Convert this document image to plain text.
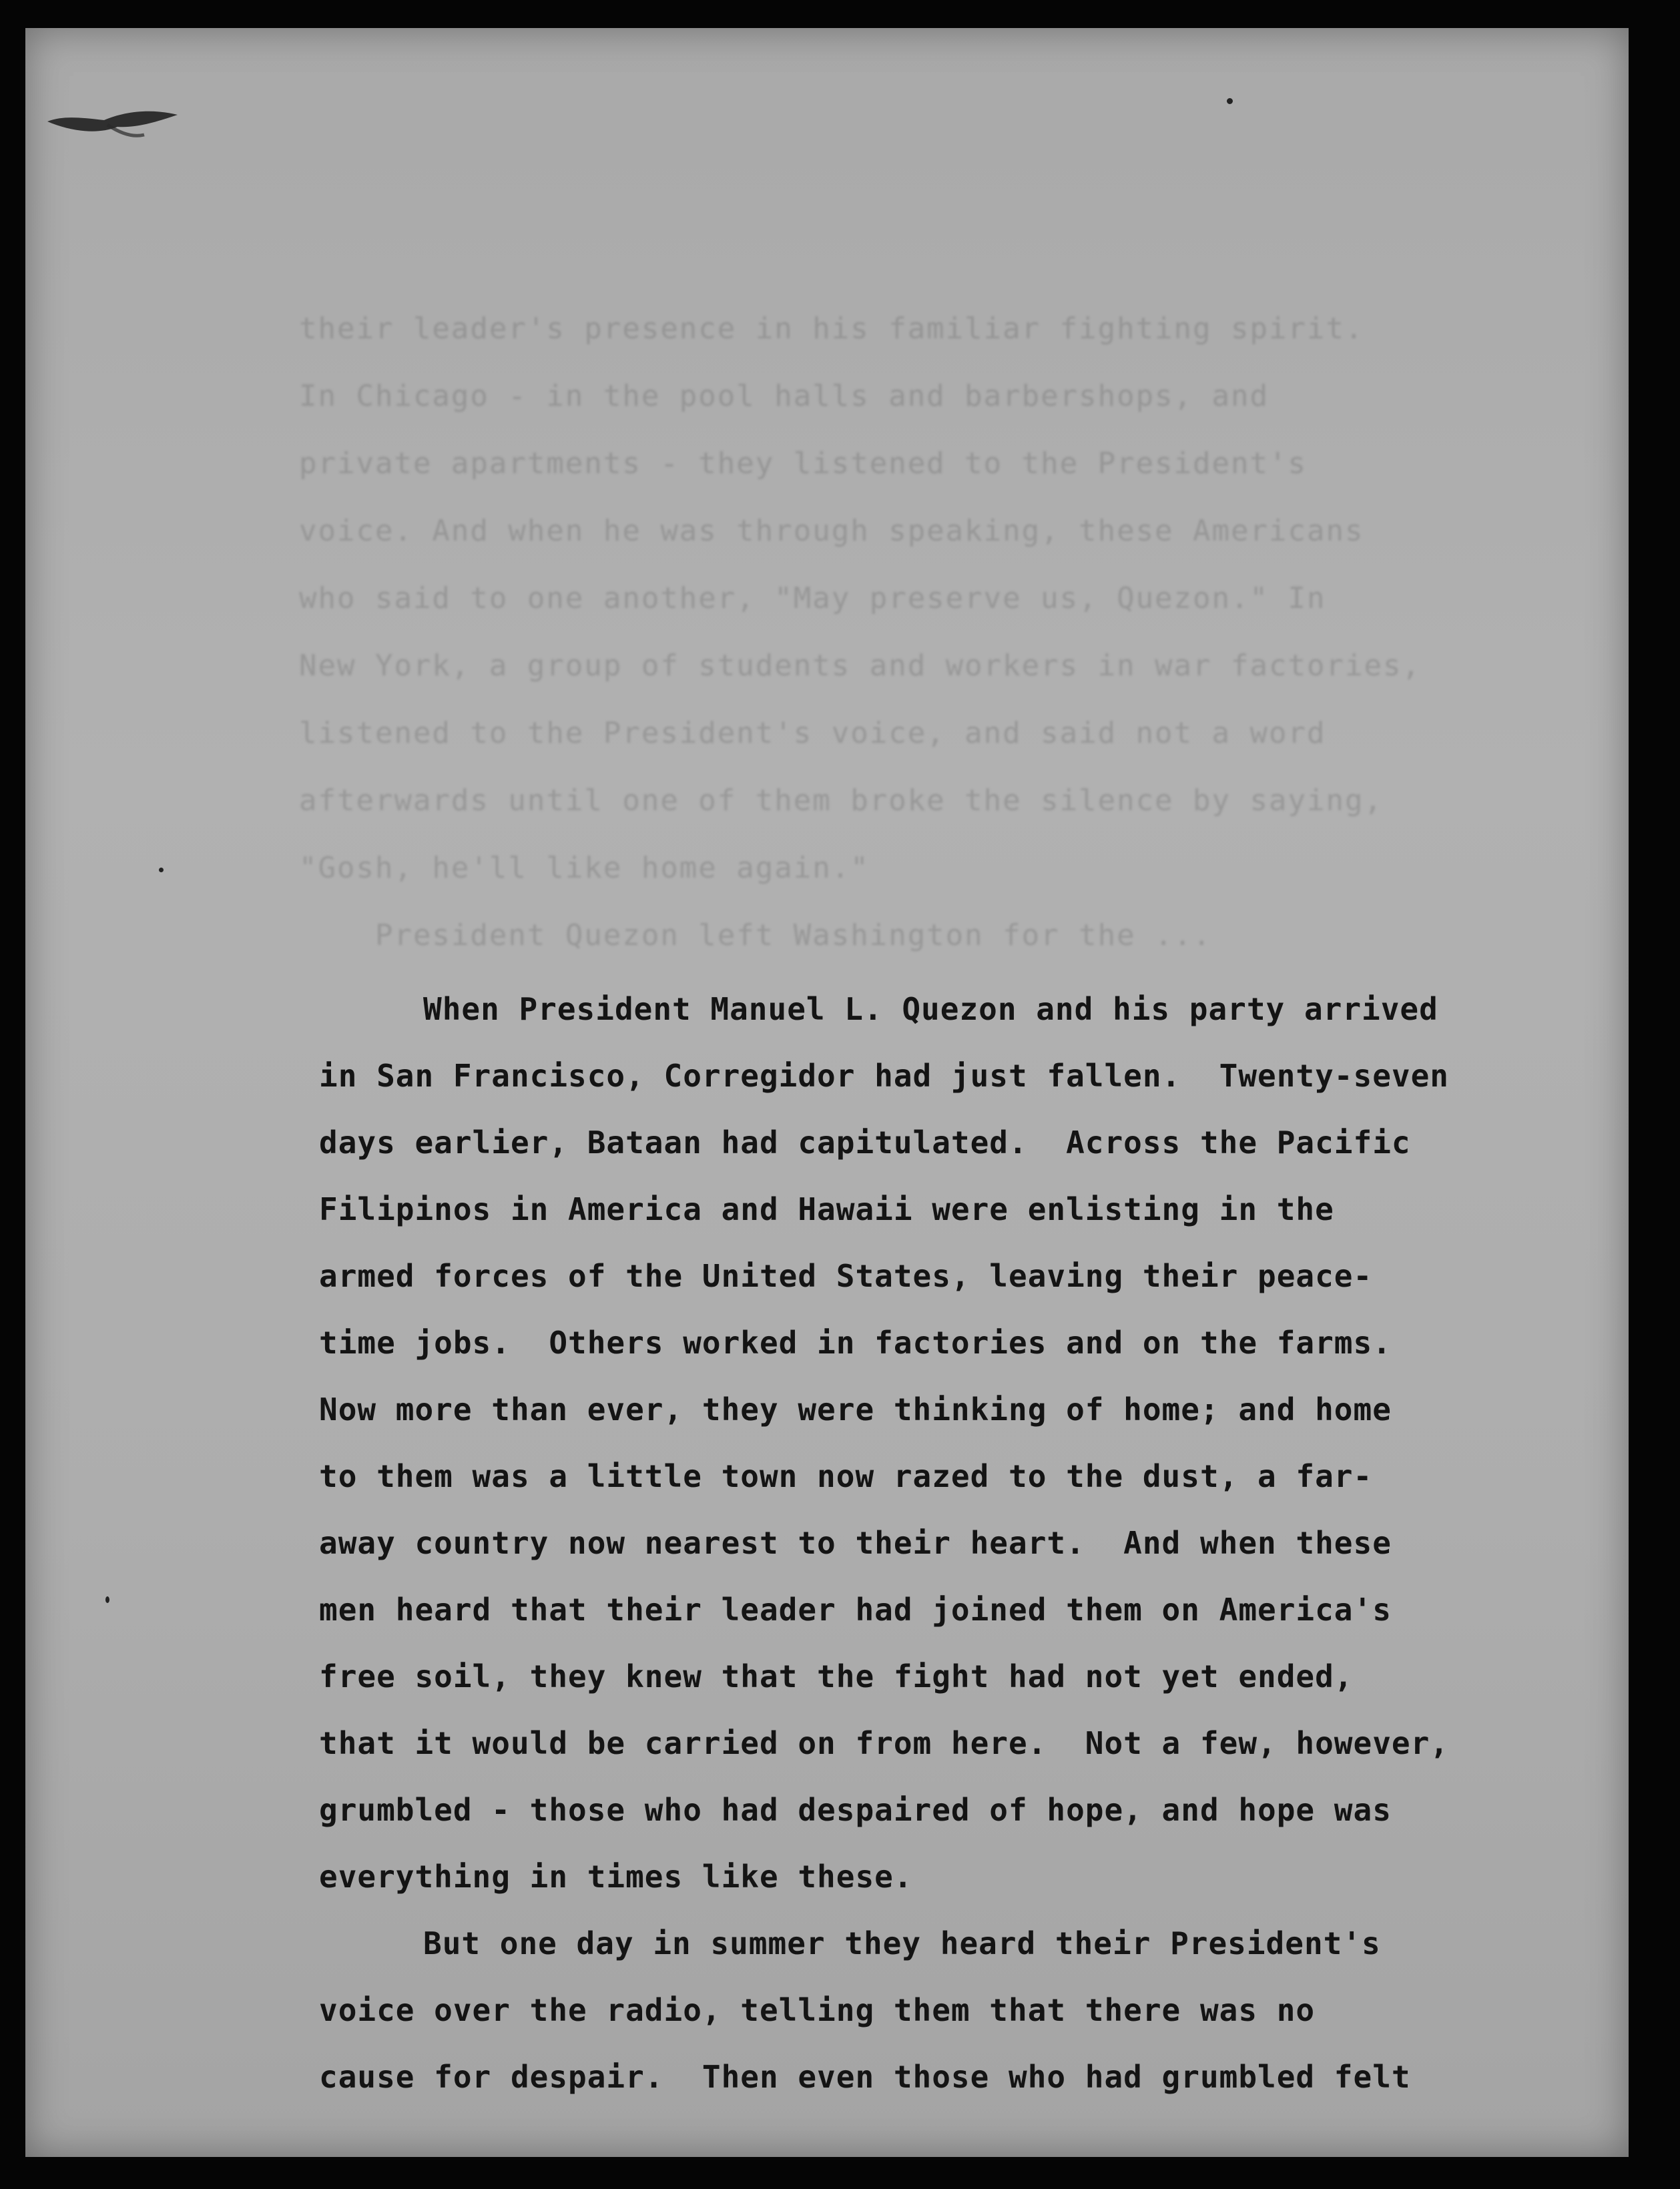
their leader's presence in his familiar fighting spirit.

In Chicago - in the pool halls and barbershops, and

private apartments - they listened to the President's

voice. And when he was through speaking, these Americans

who said to one another, "May preserve us, Quezon." In

New York, a group of students and workers in war factories,

listened to the President's voice, and said not a word

afterwards until one of them broke the silence by saying,

"Gosh, he'll like home again."

President Quezon left Washington for the ...

When President Manuel L. Quezon and his party arrived

in San Francisco, Corregidor had just fallen.  Twenty-seven

days earlier, Bataan had capitulated.  Across the Pacific

Filipinos in America and Hawaii were enlisting in the

armed forces of the United States, leaving their peace-

time jobs.  Others worked in factories and on the farms.

Now more than ever, they were thinking of home; and home

to them was a little town now razed to the dust, a far-

away country now nearest to their heart.  And when these

men heard that their leader had joined them on America's

free soil, they knew that the fight had not yet ended,

that it would be carried on from here.  Not a few, however,

grumbled - those who had despaired of hope, and hope was

everything in times like these.

But one day in summer they heard their President's

voice over the radio, telling them that there was no

cause for despair.  Then even those who had grumbled felt
